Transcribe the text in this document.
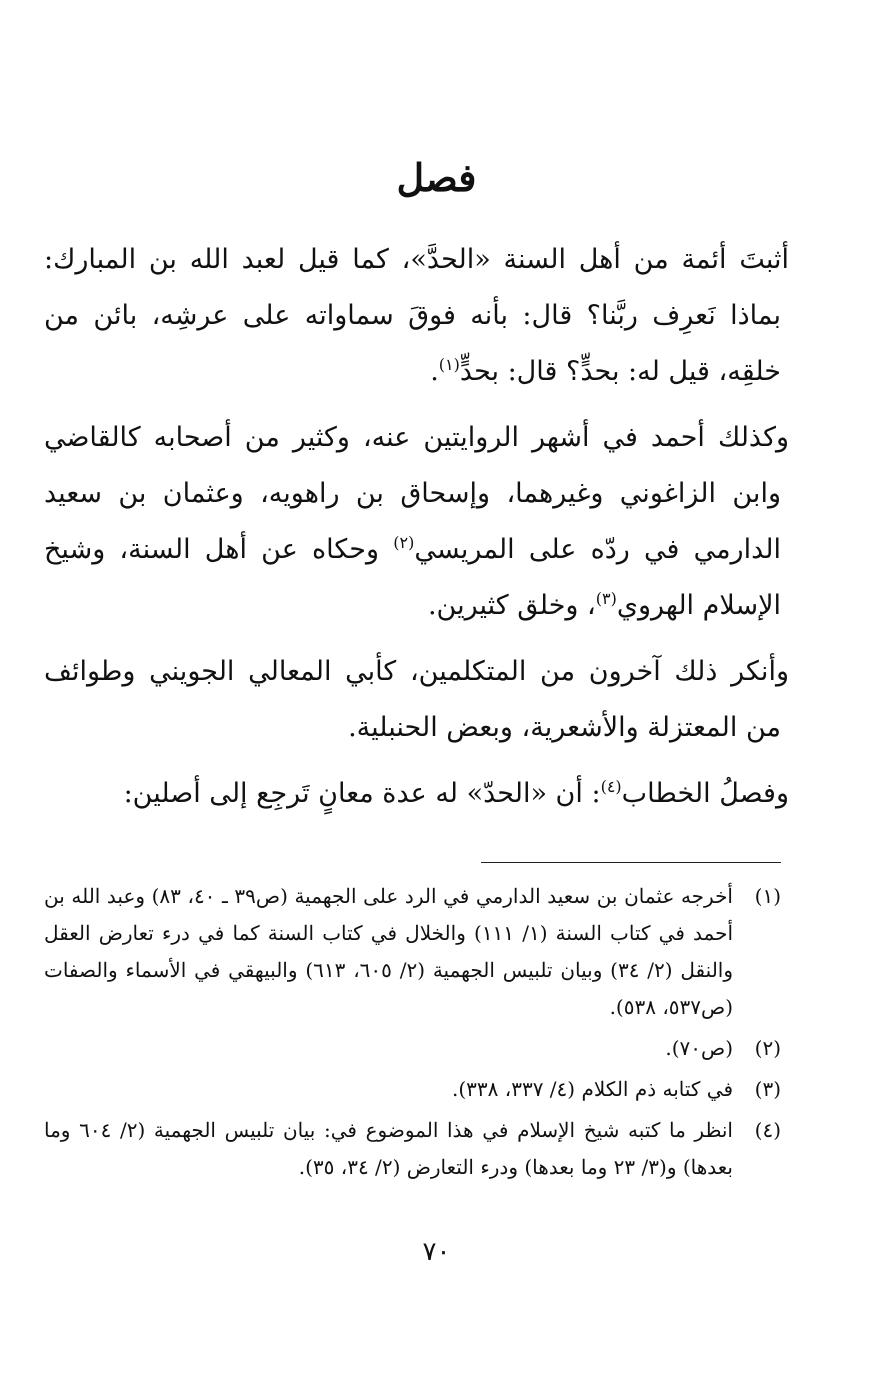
فصل

أثبتَ أئمة من أهل السنة «الحدَّ»، كما قيل لعبد الله بن المبارك: بماذا نَعرِف ربَّنا؟ قال: بأنه فوقَ سماواته على عرشِه، بائن من خلقِه، قيل له: بحدٍّ؟ قال: بحدٍّ$^{(١)}$.

وكذلك أحمد في أشهر الروايتين عنه، وكثير من أصحابه كالقاضي وابن الزاغوني وغيرهما، وإسحاق بن راهويه، وعثمان بن سعيد الدارمي في ردّه على المريسي$^{(٢)}$ وحكاه عن أهل السنة، وشيخ الإسلام الهروي$^{(٣)}$، وخلق كثيرين.

وأنكر ذلك آخرون من المتكلمين، كأبي المعالي الجويني وطوائف من المعتزلة والأشعرية، وبعض الحنبلية.

وفصلُ الخطاب$^{(٤)}$: أن «الحدّ» له عدة معانٍ تَرجِع إلى أصلين:

(١)
أخرجه عثمان بن سعيد الدارمي في الرد على الجهمية (ص٣٩ ـ ٤٠، ٨٣) وعبد الله بن أحمد في كتاب السنة (١/ ١١١) والخلال في كتاب السنة كما في درء تعارض العقل والنقل (٢/ ٣٤) وبيان تلبيس الجهمية (٢/ ٦٠٥، ٦١٣) والبيهقي في الأسماء والصفات (ص٥٣٧، ٥٣٨).
(٢)
(ص٧٠).
(٣)
في كتابه ذم الكلام (٤/ ٣٣٧، ٣٣٨).
(٤)
انظر ما كتبه شيخ الإسلام في هذا الموضوع في: بيان تلبيس الجهمية (٢/ ٦٠٤ وما بعدها) و(٣/ ٢٣ وما بعدها) ودرء التعارض (٢/ ٣٤، ٣٥).
٧٠
